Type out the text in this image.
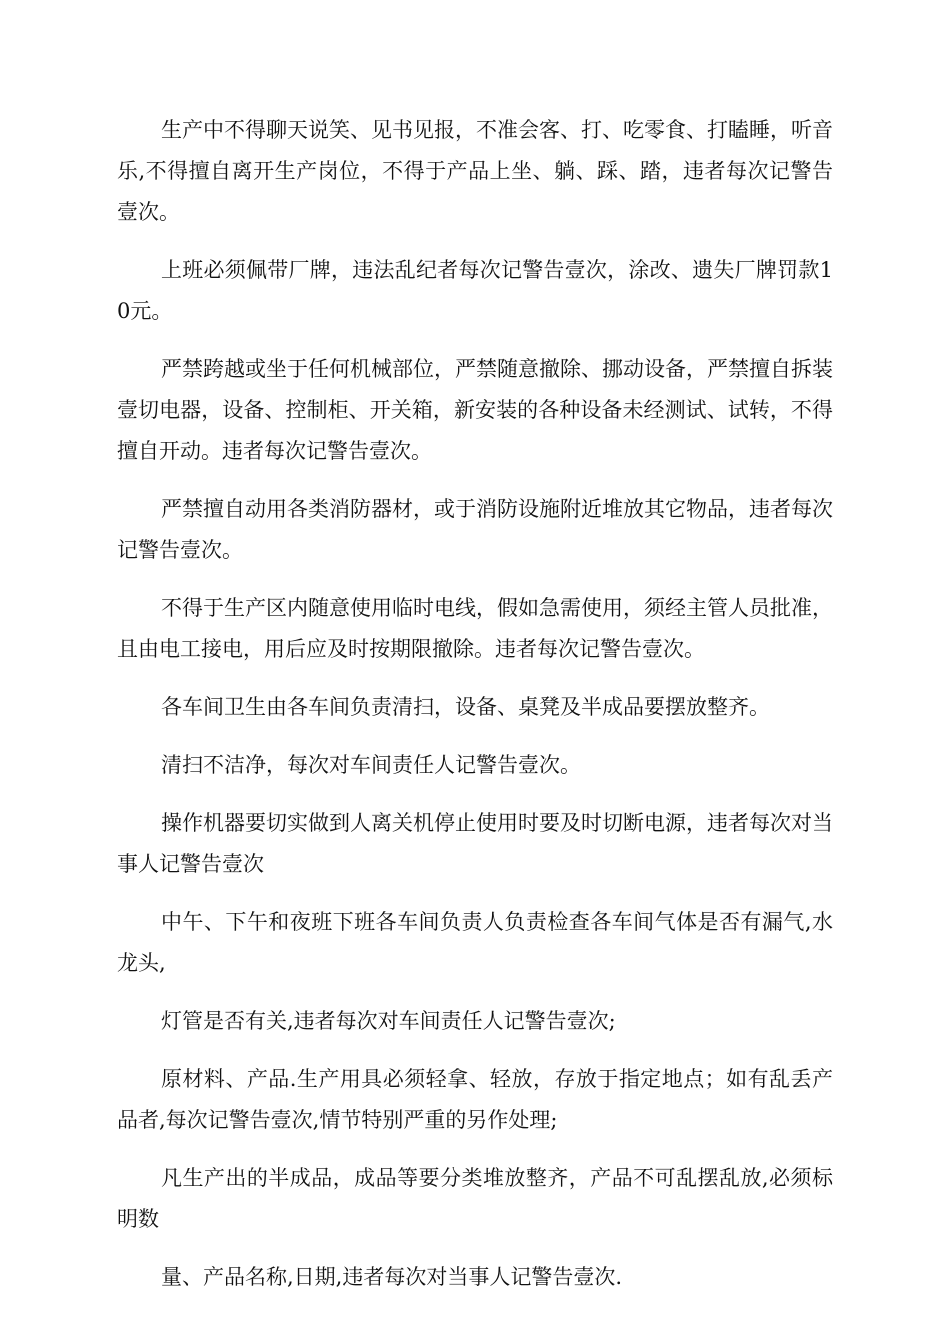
生产中不得聊天说笑、见书见报，不准会客、打、吃零食、打瞌睡，听音乐,不得擅自离开生产岗位，不得于产品上坐、躺、踩、踏，违者每次记警告壹次。

上班必须佩带厂牌，违法乱纪者每次记警告壹次，涂改、遗失厂牌罚款10元。

严禁跨越或坐于任何机械部位，严禁随意撤除、挪动设备，严禁擅自拆装壹切电器，设备、控制柜、开关箱，新安装的各种设备未经测试、试转，不得擅自开动。违者每次记警告壹次。

严禁擅自动用各类消防器材，或于消防设施附近堆放其它物品，违者每次记警告壹次。

不得于生产区内随意使用临时电线，假如急需使用，须经主管人员批准，且由电工接电，用后应及时按期限撤除。违者每次记警告壹次。

各车间卫生由各车间负责清扫，设备、桌凳及半成品要摆放整齐。

清扫不洁净，每次对车间责任人记警告壹次。

操作机器要切实做到人离关机停止使用时要及时切断电源，违者每次对当事人记警告壹次

中午、下午和夜班下班各车间负责人负责检查各车间气体是否有漏气,水龙头,

灯管是否有关,违者每次对车间责任人记警告壹次;

原材料、产品.生产用具必须轻拿、轻放，存放于指定地点；如有乱丢产品者,每次记警告壹次,情节特别严重的另作处理;

凡生产出的半成品，成品等要分类堆放整齐，产品不可乱摆乱放,必须标明数

量、产品名称,日期,违者每次对当事人记警告壹次.
